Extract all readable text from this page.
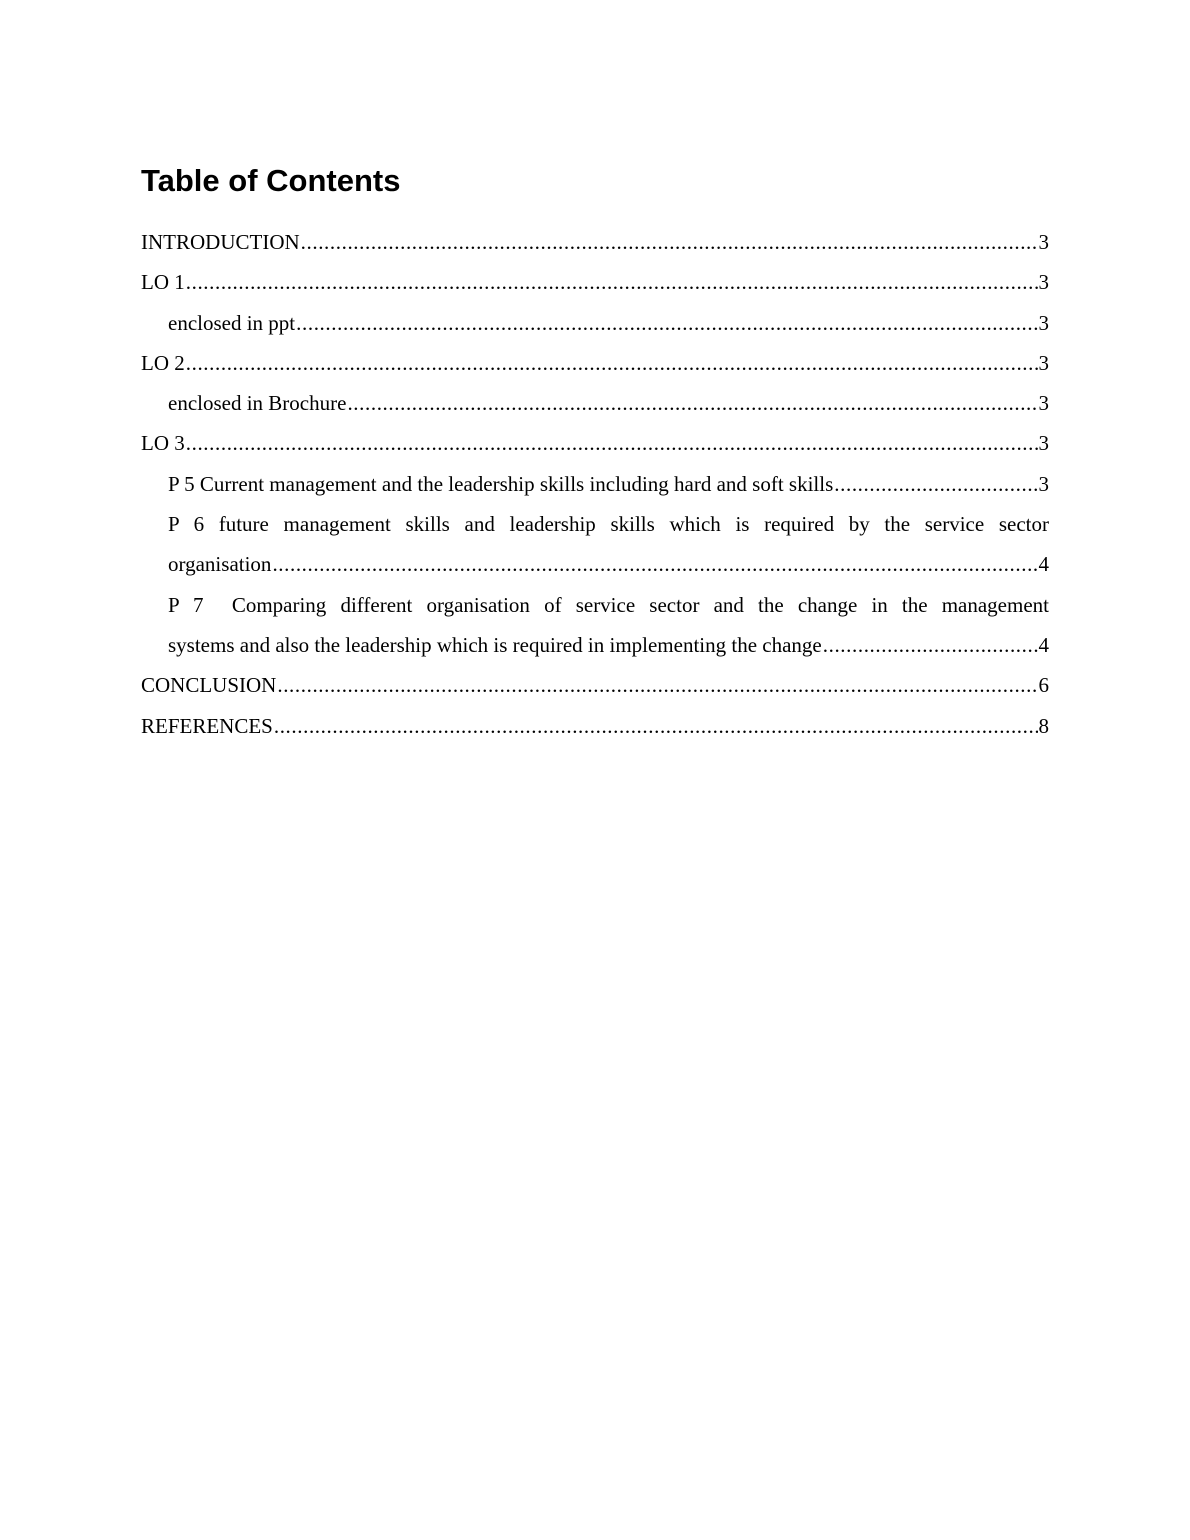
Table of Contents
INTRODUCTION .....	3
LO 1 .....	3
enclosed in ppt .....	3
LO 2 .....	3
enclosed in Brochure .....	3
LO 3 .....	3
P 5 Current management and the leadership skills including hard and soft skills .....	3
P 6 future management skills and leadership skills which is required by the service sector
organisation .....	4
P 7  Comparing different organisation of service sector and the change in the management
systems and also the leadership which is required in implementing the change .....	4
CONCLUSION .....	6
REFERENCES .....	8
